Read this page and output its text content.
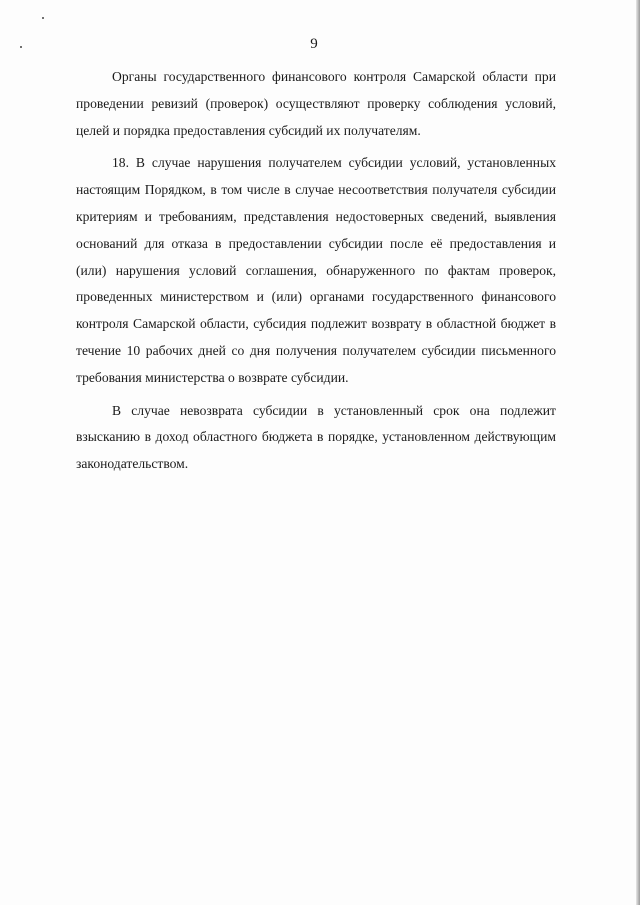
9

Органы государственного финансового контроля Самарской области при проведении ревизий (проверок) осуществляют проверку соблюдения условий, целей и порядка предоставления субсидий их получателям.

18. В случае нарушения получателем субсидии условий, установленных настоящим Порядком, в том числе в случае несоответствия получателя субсидии критериям и требованиям, представления недостоверных сведений, выявления оснований для отказа в предоставлении субсидии после её предоставления и (или) нарушения условий соглашения, обнаруженного по фактам проверок, проведенных министерством и (или) органами государственного финансового контроля Самарской области, субсидия подлежит возврату в областной бюджет в течение 10 рабочих дней со дня получения получателем субсидии письменного требования министерства о возврате субсидии.

В случае невозврата субсидии в установленный срок она подлежит взысканию в доход областного бюджета в порядке, установленном действующим законодательством.
